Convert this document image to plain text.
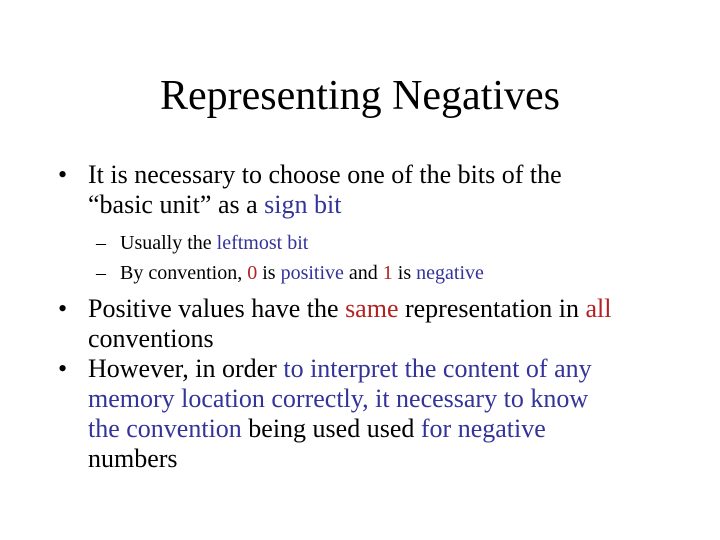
Representing Negatives
• It is necessary to choose one of the bits of the
“basic unit” as a sign bit
– Usually the leftmost bit
– By convention, 0 is positive and 1 is negative
• Positive values have the same representation in all
conventions
• However, in order to interpret the content of any
memory location correctly, it necessary to know
the convention being used used for negative
numbers
